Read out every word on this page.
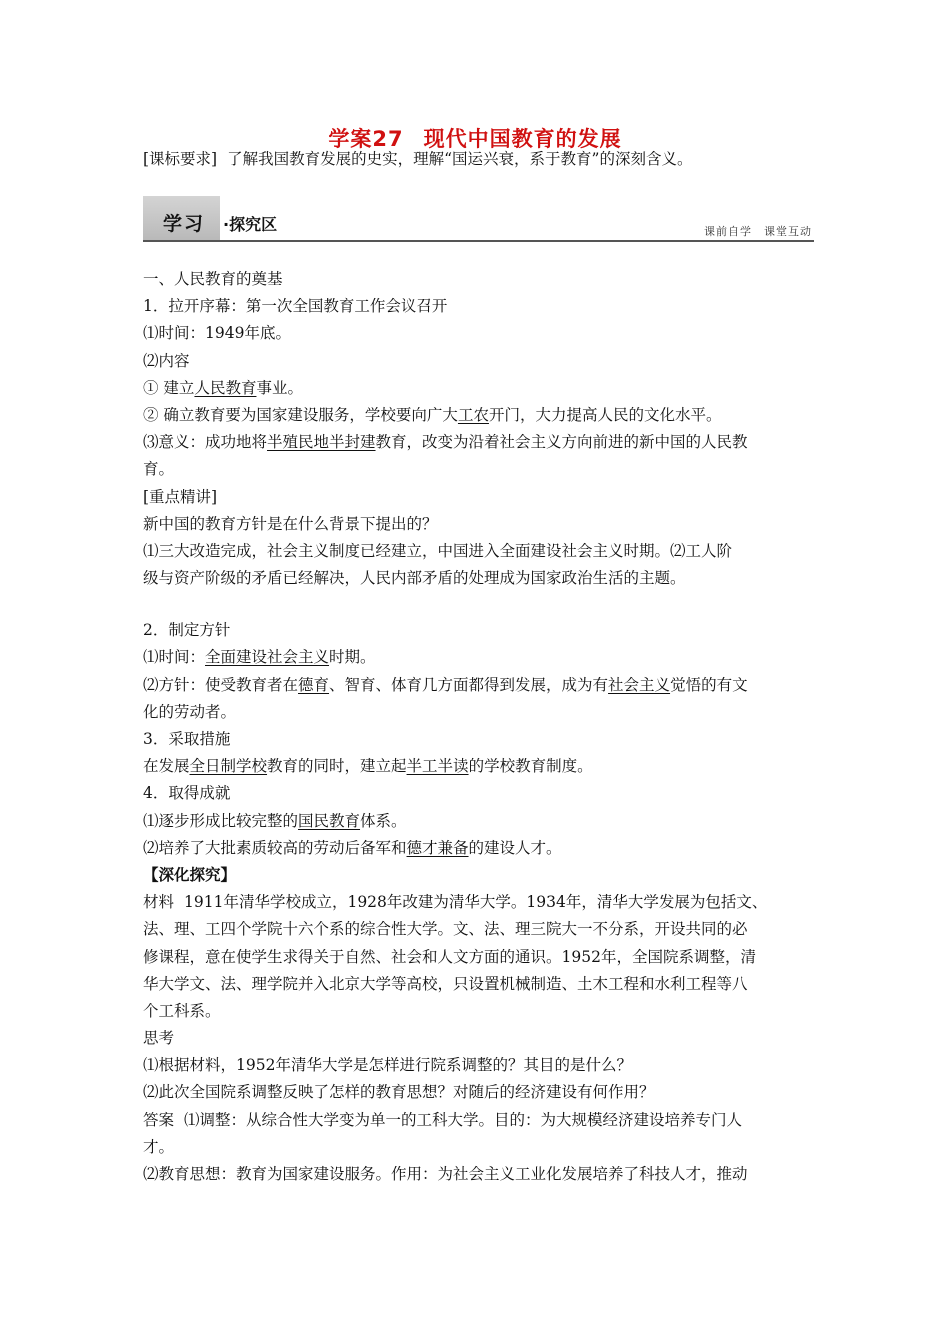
学案27 现代中国教育的发展
[课标要求] 了解我国教育发展的史实，理解“国运兴衰，系于教育”的深刻含义。
学习 ·探究区	课前自学 课堂互动
一、人民教育的奠基
1．拉开序幕：第一次全国教育工作会议召开
⑴时间：1949年底。
⑵内容
① 建立人民教育事业。
② 确立教育要为国家建设服务，学校要向广大工农开门，大力提高人民的文化水平。
⑶意义：成功地将半殖民地半封建教育，改变为沿着社会主义方向前进的新中国的人民教
育。
[重点精讲]
新中国的教育方针是在什么背景下提出的？
⑴三大改造完成，社会主义制度已经建立，中国进入全面建设社会主义时期。⑵工人阶
级与资产阶级的矛盾已经解决，人民内部矛盾的处理成为国家政治生活的主题。
2．制定方针
⑴时间：全面建设社会主义时期。
⑵方针：使受教育者在德育、智育、体育几方面都得到发展，成为有社会主义觉悟的有文
化的劳动者。
3．采取措施
在发展全日制学校教育的同时，建立起半工半读的学校教育制度。
4．取得成就
⑴逐步形成比较完整的国民教育体系。
⑵培养了大批素质较高的劳动后备军和德才兼备的建设人才。
【深化探究】
材料 1911年清华学校成立，1928年改建为清华大学。1934年，清华大学发展为包括文、
法、理、工四个学院十六个系的综合性大学。文、法、理三院大一不分系，开设共同的必
修课程，意在使学生求得关于自然、社会和人文方面的通识。1952年，全国院系调整，清
华大学文、法、理学院并入北京大学等高校，只设置机械制造、土木工程和水利工程等八
个工科系。
思考
⑴根据材料，1952年清华大学是怎样进行院系调整的？其目的是什么？
⑵此次全国院系调整反映了怎样的教育思想？对随后的经济建设有何作用？
答案 ⑴调整：从综合性大学变为单一的工科大学。目的：为大规模经济建设培养专门人
才。
⑵教育思想：教育为国家建设服务。作用：为社会主义工业化发展培养了科技人才，推动
